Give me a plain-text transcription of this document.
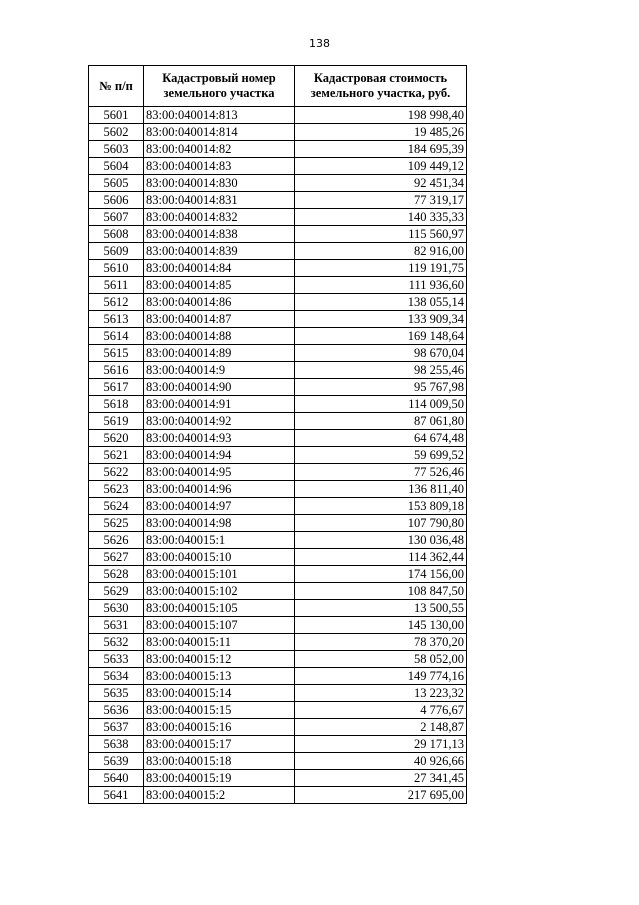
138
№ п/п	Кадастровый номер земельного участка	Кадастровая стоимость земельного участка, руб.
5601	83:00:040014:813	198 998,40
5602	83:00:040014:814	19 485,26
5603	83:00:040014:82	184 695,39
5604	83:00:040014:83	109 449,12
5605	83:00:040014:830	92 451,34
5606	83:00:040014:831	77 319,17
5607	83:00:040014:832	140 335,33
5608	83:00:040014:838	115 560,97
5609	83:00:040014:839	82 916,00
5610	83:00:040014:84	119 191,75
5611	83:00:040014:85	111 936,60
5612	83:00:040014:86	138 055,14
5613	83:00:040014:87	133 909,34
5614	83:00:040014:88	169 148,64
5615	83:00:040014:89	98 670,04
5616	83:00:040014:9	98 255,46
5617	83:00:040014:90	95 767,98
5618	83:00:040014:91	114 009,50
5619	83:00:040014:92	87 061,80
5620	83:00:040014:93	64 674,48
5621	83:00:040014:94	59 699,52
5622	83:00:040014:95	77 526,46
5623	83:00:040014:96	136 811,40
5624	83:00:040014:97	153 809,18
5625	83:00:040014:98	107 790,80
5626	83:00:040015:1	130 036,48
5627	83:00:040015:10	114 362,44
5628	83:00:040015:101	174 156,00
5629	83:00:040015:102	108 847,50
5630	83:00:040015:105	13 500,55
5631	83:00:040015:107	145 130,00
5632	83:00:040015:11	78 370,20
5633	83:00:040015:12	58 052,00
5634	83:00:040015:13	149 774,16
5635	83:00:040015:14	13 223,32
5636	83:00:040015:15	4 776,67
5637	83:00:040015:16	2 148,87
5638	83:00:040015:17	29 171,13
5639	83:00:040015:18	40 926,66
5640	83:00:040015:19	27 341,45
5641	83:00:040015:2	217 695,00
